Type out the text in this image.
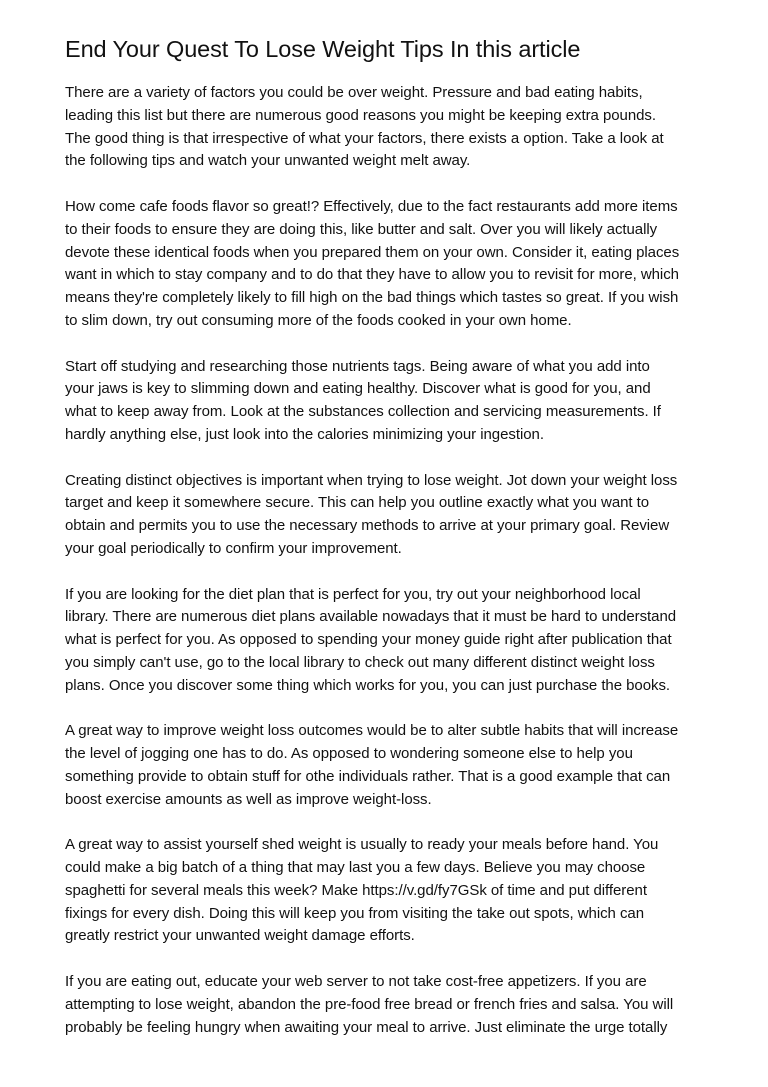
End Your Quest To Lose Weight Tips In this article

There are a variety of factors you could be over weight. Pressure and bad eating habits,
leading this list but there are numerous good reasons you might be keeping extra pounds.
The good thing is that irrespective of what your factors, there exists a option. Take a look at
the following tips and watch your unwanted weight melt away.

How come cafe foods flavor so great!? Effectively, due to the fact restaurants add more items
to their foods to ensure they are doing this, like butter and salt. Over you will likely actually
devote these identical foods when you prepared them on your own. Consider it, eating places
want in which to stay company and to do that they have to allow you to revisit for more, which
means they're completely likely to fill high on the bad things which tastes so great. If you wish
to slim down, try out consuming more of the foods cooked in your own home.

Start off studying and researching those nutrients tags. Being aware of what you add into
your jaws is key to slimming down and eating healthy. Discover what is good for you, and
what to keep away from. Look at the substances collection and servicing measurements. If
hardly anything else, just look into the calories minimizing your ingestion.

Creating distinct objectives is important when trying to lose weight. Jot down your weight loss
target and keep it somewhere secure. This can help you outline exactly what you want to
obtain and permits you to use the necessary methods to arrive at your primary goal. Review
your goal periodically to confirm your improvement.

If you are looking for the diet plan that is perfect for you, try out your neighborhood local
library. There are numerous diet plans available nowadays that it must be hard to understand
what is perfect for you. As opposed to spending your money guide right after publication that
you simply can't use, go to the local library to check out many different distinct weight loss
plans. Once you discover some thing which works for you, you can just purchase the books.

A great way to improve weight loss outcomes would be to alter subtle habits that will increase
the level of jogging one has to do. As opposed to wondering someone else to help you
something provide to obtain stuff for othe individuals rather. That is a good example that can
boost exercise amounts as well as improve weight-loss.

A great way to assist yourself shed weight is usually to ready your meals before hand. You
could make a big batch of a thing that may last you a few days. Believe you may choose
spaghetti for several meals this week? Make https://v.gd/fy7GSk of time and put different
fixings for every dish. Doing this will keep you from visiting the take out spots, which can
greatly restrict your unwanted weight damage efforts.

If you are eating out, educate your web server to not take cost-free appetizers. If you are
attempting to lose weight, abandon the pre-food free bread or french fries and salsa. You will
probably be feeling hungry when awaiting your meal to arrive. Just eliminate the urge totally
